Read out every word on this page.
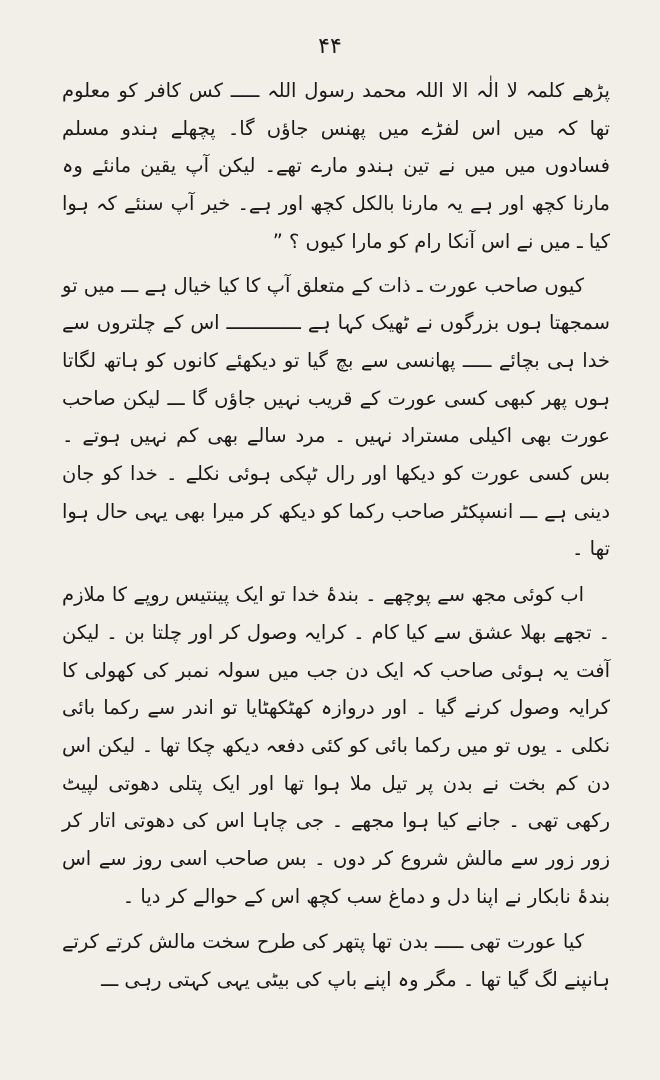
۴۴

پڑھے کلمہ لا الٰہ الا اللہ محمد رسول اللہ ـــــ کس کافر کو معلوم تھا کہ میں اس لفڑے میں پھنس جاؤں گا۔ پچھلے ہندو مسلم فسادوں میں میں نے تین ہندو مارے تھے۔ لیکن آپ یقین مانئے وہ مارنا کچھ اور ہے یہ مارنا بالکل کچھ اور ہے۔ خیر آپ سنئے کہ ہوا کیا ـ میں نے اس آنکا رام کو مارا کیوں ؟ ”

کیوں صاحب عورت ـ ذات کے متعلق آپ کا کیا خیال ہے ـــ میں تو سمجھتا ہوں بزرگوں نے ٹھیک کہا ہے ـــــــــــــ اس کے چلتروں سے خدا ہی بچائے ـــــ پھانسی سے بچ گیا تو دیکھئے کانوں کو ہاتھ لگاتا ہوں پھر کبھی کسی عورت کے قریب نہیں جاؤں گا ـــ لیکن صاحب عورت بھی اکیلی مستراد نہیں ۔ مرد سالے بھی کم نہیں ہوتے ۔ بس کسی عورت کو دیکھا اور رال ٹپکی ہوئی نکلے ۔ خدا کو جان دینی ہے ـــ انسپکٹر صاحب رکما کو دیکھ کر میرا بھی یہی حال ہوا تھا ۔

اب کوئی مجھ سے پوچھے ۔ بندۂ خدا تو ایک پینتیس روپے کا ملازم ۔ تجھے بھلا عشق سے کیا کام ۔ کرایہ وصول کر اور چلتا بن ۔ لیکن آفت یہ ہوئی صاحب کہ ایک دن جب میں سولہ نمبر کی کھولی کا کرایہ وصول کرنے گیا ۔ اور دروازہ کھٹکھٹایا تو اندر سے رکما بائی نکلی ۔ یوں تو میں رکما بائی کو کئی دفعہ دیکھ چکا تھا ۔ لیکن اس دن کم بخت نے بدن پر تیل ملا ہوا تھا اور ایک پتلی دھوتی لپیٹ رکھی تھی ۔ جانے کیا ہوا مجھے ۔ جی چاہا اس کی دھوتی اتار کر زور زور سے مالش شروع کر دوں ۔ بس صاحب اسی روز سے اس بندۂ نابکار نے اپنا دل و دماغ سب کچھ اس کے حوالے کر دیا ۔

کیا عورت تھی ـــــ بدن تھا پتھر کی طرح سخت مالش کرتے کرتے ہانپنے لگ گیا تھا ۔ مگر وہ اپنے باپ کی بیٹی یہی کہتی رہی ـــ
